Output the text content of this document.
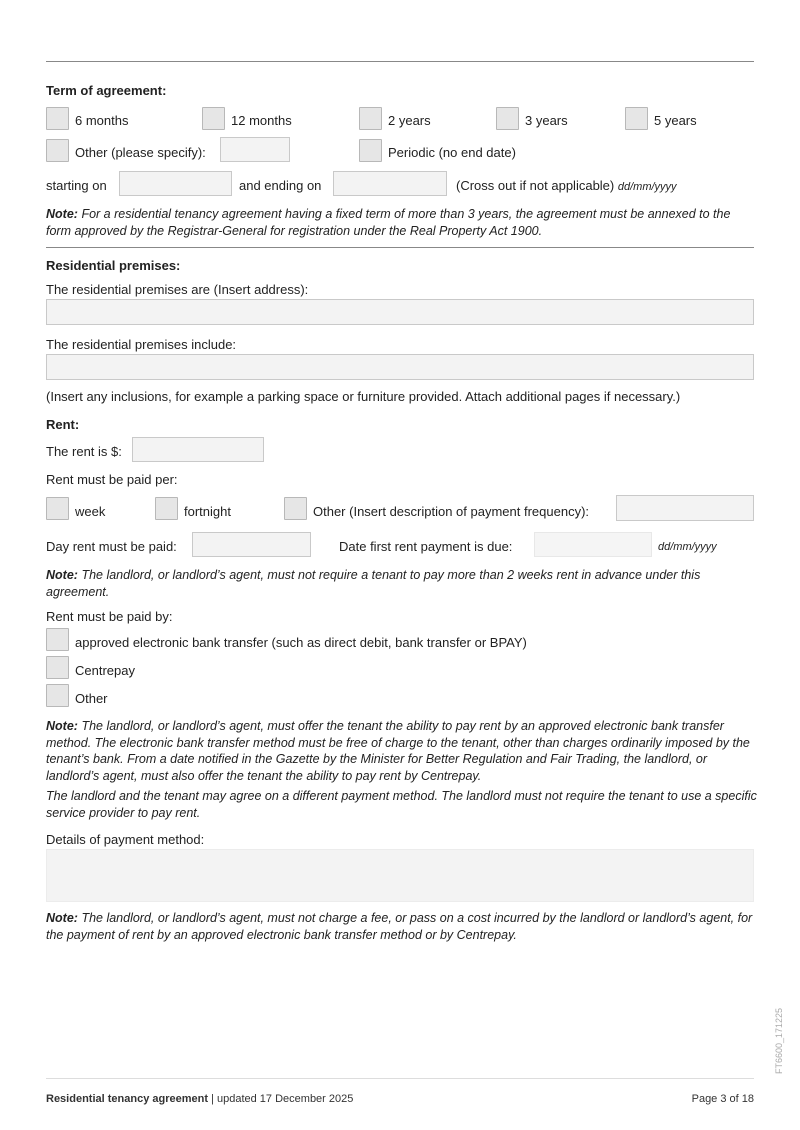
Term of agreement:
6 months	12 months	2 years	3 years	5 years
Other (please specify):	Periodic (no end date)
starting on	and ending on	(Cross out if not applicable) dd/mm/yyyy
Note: For a residential tenancy agreement having a fixed term of more than 3 years, the agreement must be annexed to the form approved by the Registrar-General for registration under the Real Property Act 1900.
Residential premises:
The residential premises are (Insert address):
The residential premises include:
(Insert any inclusions, for example a parking space or furniture provided. Attach additional pages if necessary.)
Rent:
The rent is $:
Rent must be paid per:
week	fortnight	Other (Insert description of payment frequency):
Day rent must be paid:	Date first rent payment is due:	dd/mm/yyyy
Note: The landlord, or landlord’s agent, must not require a tenant to pay more than 2 weeks rent in advance under this agreement.
Rent must be paid by:
approved electronic bank transfer (such as direct debit, bank transfer or BPAY)
Centrepay
Other
Note: The landlord, or landlord’s agent, must offer the tenant the ability to pay rent by an approved electronic bank transfer method. The electronic bank transfer method must be free of charge to the tenant, other than charges ordinarily imposed by the tenant’s bank. From a date notified in the Gazette by the Minister for Better Regulation and Fair Trading, the landlord, or landlord’s agent, must also offer the tenant the ability to pay rent by Centrepay.
The landlord and the tenant may agree on a different payment method. The landlord must not require the tenant to use a specific service provider to pay rent.
Details of payment method:
Note: The landlord, or landlord’s agent, must not charge a fee, or pass on a cost incurred by the landlord or landlord’s agent, for the payment of rent by an approved electronic bank transfer method or by Centrepay.
FT6600_171225
Residential tenancy agreement | updated 17 December 2025	Page 3 of 18
